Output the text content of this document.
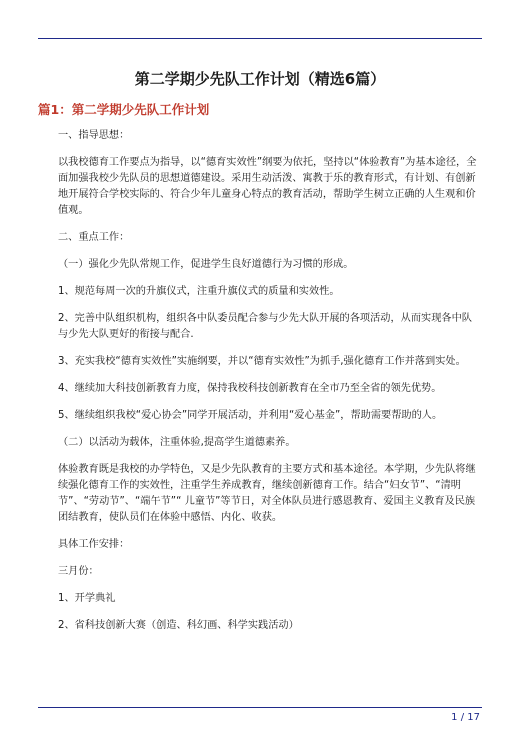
第二学期少先队工作计划（精选6篇）
篇1：第二学期少先队工作计划

一、指导思想：

以我校德育工作要点为指导，以“德育实效性”纲要为依托，坚持以“体验教育”为基本途径，全面加强我校少先队员的思想道德建设。采用生动活泼、寓教于乐的教育形式，有计划、有创新地开展符合学校实际的、符合少年儿童身心特点的教育活动，帮助学生树立正确的人生观和价值观。

二、重点工作：

（一）强化少先队常规工作，促进学生良好道德行为习惯的形成。

1、规范每周一次的升旗仪式，注重升旗仪式的质量和实效性。

2、完善中队组织机构，组织各中队委员配合参与少先大队开展的各项活动，从而实现各中队与少先大队更好的衔接与配合.

3、充实我校“德育实效性”实施纲要，并以“德育实效性”为抓手,强化德育工作并落到实处。

4、继续加大科技创新教育力度，保持我校科技创新教育在全市乃至全省的领先优势。

5、继续组织我校“爱心协会”同学开展活动，并利用“爱心基金”，帮助需要帮助的人。

（二）以活动为载体，注重体验,提高学生道德素养。

体验教育既是我校的办学特色，又是少先队教育的主要方式和基本途径。本学期，少先队将继续强化德育工作的实效性，注重学生养成教育，继续创新德育工作。结合“妇女节”、“清明节”、“劳动节”、“端午节”“ 儿童节”等节日，对全体队员进行感恩教育、爱国主义教育及民族团结教育，使队员们在体验中感悟、内化、收获。

具体工作安排：

三月份：

1、开学典礼

2、省科技创新大赛（创造、科幻画、科学实践活动）

1 / 17
